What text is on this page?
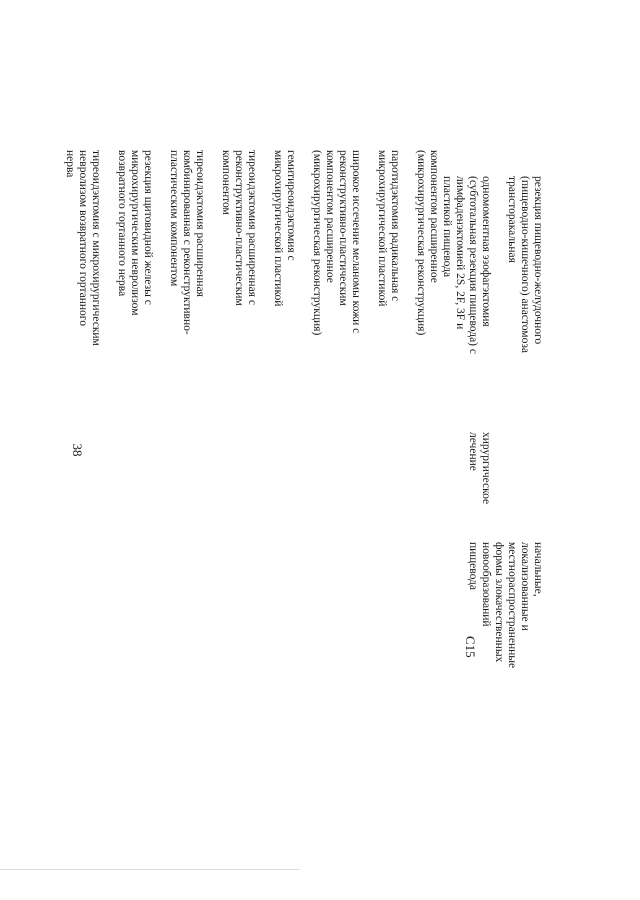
38
C15
начальные,
локализованные и
местнораспространенные
формы злокачественных
новообразований
пищевода
хирургическое
лечение

компонентом расширенное
(микрохирургическая реконструкция)

паротидэктомия радикальная с
микрохирургической пластикой

широкое иссечение меланомы кожи с
реконструктивно-пластическим
компонентом расширенное
(микрохирургическая реконструкция)

гемитиреоидэктомия с
микрохирургической пластикой

тиреоидэктомия расширенная с
реконструктивно-пластическим
компонентом

тиреоидэктомия расширенная
комбинированная с реконструктивно-
пластическим компонентом

резекция щитовидной железы с
микрохирургическим невролизом
возвратного гортанного нерва

тиреоидэктомия с микрохирургическим
невролизом возвратного гортанного
нерва

резекция пищеводно-желудочного
(пищеводно-кишечного) анастомоза
трансторакальная

одномоментная эзофагэктомия
(субтотальная резекция пищевода) с
лимфаденэктомией 2S, 2F, 3F и
пластикой пищевода
